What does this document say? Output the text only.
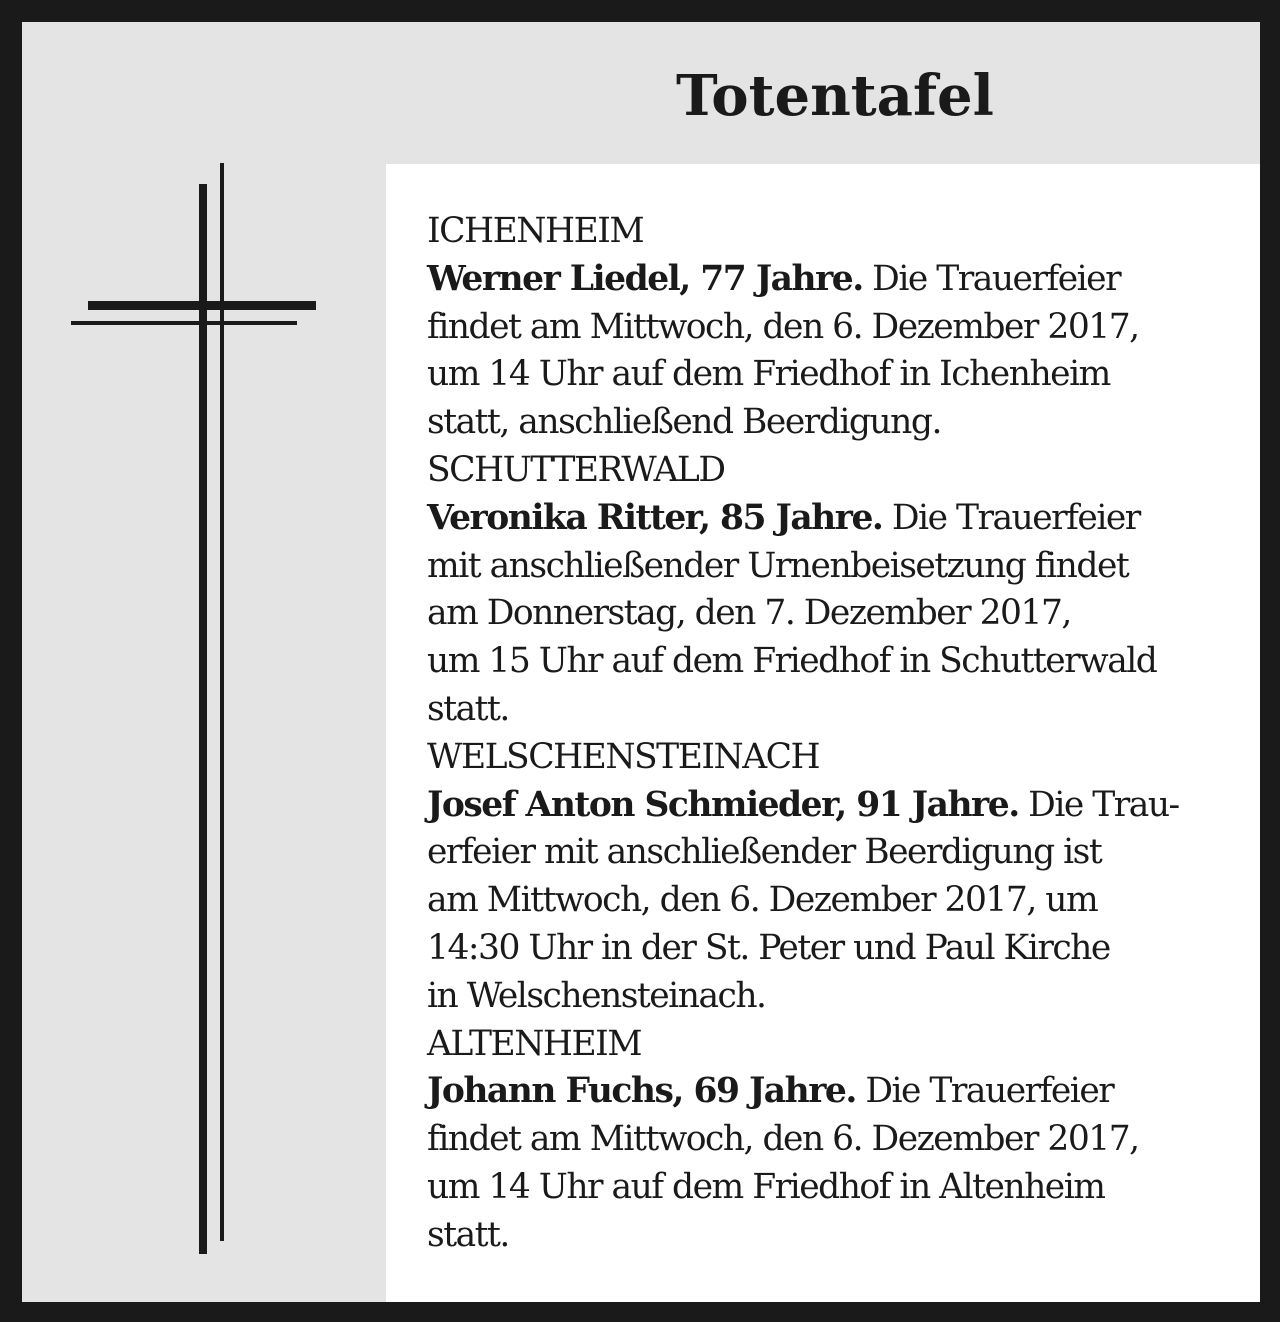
Totentafel
ICHENHEIM
Werner Liedel, 77 Jahre. Die Trauerfeier
findet am Mittwoch, den 6. Dezember 2017,
um 14 Uhr auf dem Friedhof in Ichenheim
statt, anschließend Beerdigung.
SCHUTTERWALD
Veronika Ritter, 85 Jahre. Die Trauerfeier
mit anschließender Urnenbeisetzung findet
am Donnerstag, den 7. Dezember 2017,
um 15 Uhr auf dem Friedhof in Schutterwald
statt.
WELSCHENSTEINACH
Josef Anton Schmieder, 91 Jahre. Die Trau-
erfeier mit anschließender Beerdigung ist
am Mittwoch, den 6. Dezember 2017, um
14:30 Uhr in der St. Peter und Paul Kirche
in Welschensteinach.
ALTENHEIM
Johann Fuchs, 69 Jahre. Die Trauerfeier
findet am Mittwoch, den 6. Dezember 2017,
um 14 Uhr auf dem Friedhof in Altenheim
statt.
